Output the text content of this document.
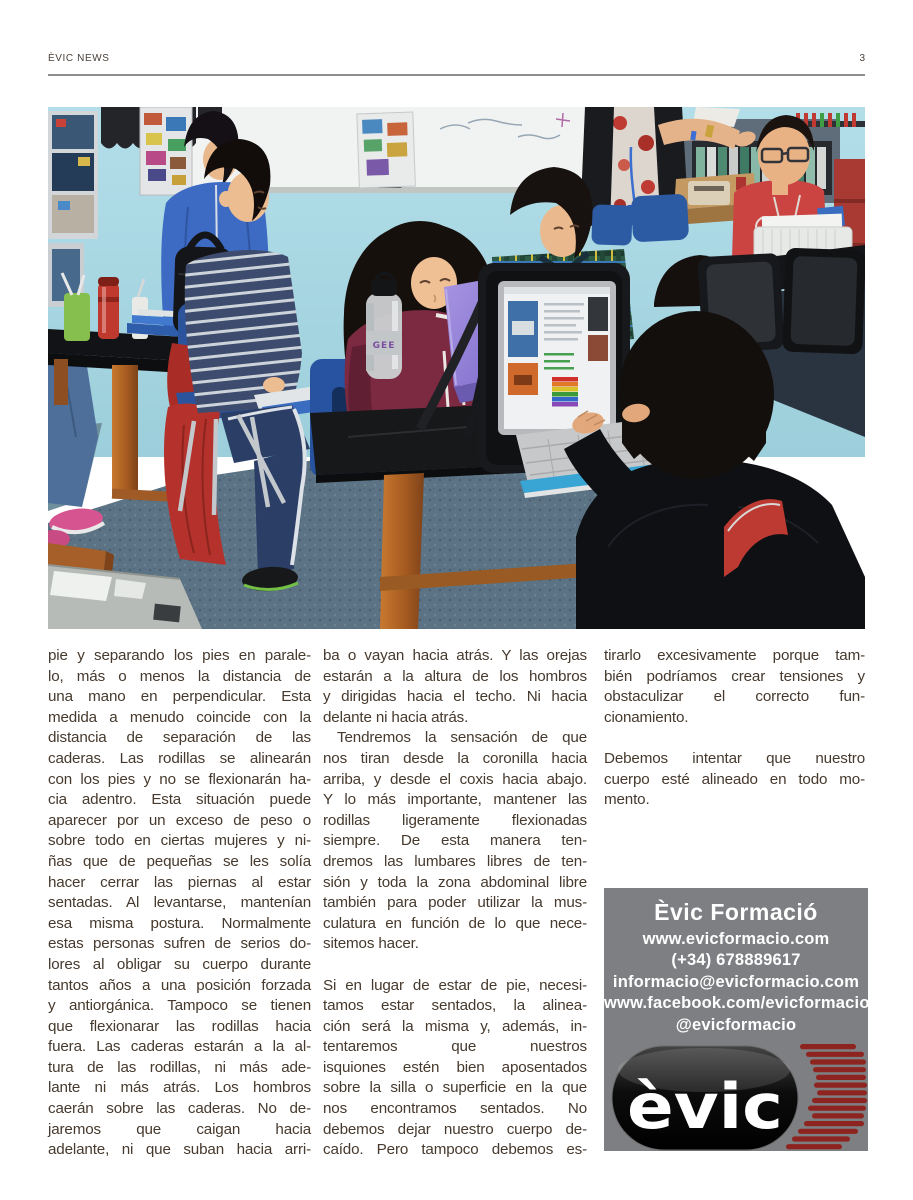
ÈVIC NEWS	3
GEE
pie y separando los pies en parale-
lo, más o menos la distancia de
una mano en perpendicular. Esta
medida a menudo coincide con la
distancia de separación de las
caderas. Las rodillas se alinearán
con los pies y no se flexionarán ha-
cia adentro. Esta situación puede
aparecer por un exceso de peso o
sobre todo en ciertas mujeres y ni-
ñas que de pequeñas se les solía
hacer cerrar las piernas al estar
sentadas. Al levantarse, mantenían
esa misma postura. Normalmente
estas personas sufren de serios do-
lores al obligar su cuerpo durante
tantos años a una posición forzada
y antiorgánica. Tampoco se tienen
que flexionarar las rodillas hacia
fuera. Las caderas estarán a la al-
tura de las rodillas, ni más ade-
lante ni más atrás. Los hombros
caerán sobre las caderas. No de-
jaremos que caigan hacia
adelante, ni que suban hacia arri-
ba o vayan hacia atrás. Y las orejas
estarán a la altura de los hombros
y dirigidas hacia el techo. Ni hacia
delante ni hacia atrás.
Tendremos la sensación de que
nos tiran desde la coronilla hacia
arriba, y desde el coxis hacia abajo.
Y lo más importante, mantener las
rodillas ligeramente flexionadas
siempre. De esta manera ten-
dremos las lumbares libres de ten-
sión y toda la zona abdominal libre
también para poder utilizar la mus-
culatura en función de lo que nece-
sitemos hacer.

Si en lugar de estar de pie, necesi-
tamos estar sentados, la alinea-
ción será la misma y, además, in-
tentaremos que nuestros
isquiones estén bien aposentados
sobre la silla o superficie en la que
nos encontramos sentados. No
debemos dejar nuestro cuerpo de-
caído. Pero tampoco debemos es-
tirarlo excesivamente porque tam-
bién podríamos crear tensiones y
obstaculizar el correcto fun-
cionamiento.

Debemos intentar que nuestro
cuerpo esté alineado en todo mo-
mento.
Èvic Formació
www.evicformacio.com
(+34) 678889617
informacio@evicformacio.com
www.facebook.com/evicformacio
@evicformacio
èvic
